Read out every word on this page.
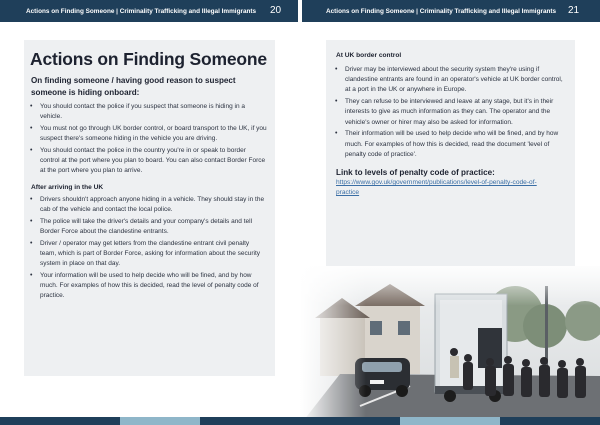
Actions on Finding Someone | Criminality Trafficking and Illegal Immigrants 20	Actions on Finding Someone | Criminality Trafficking and Illegal Immigrants 21
Actions on Finding Someone

On finding someone / having good reason to suspect someone is hiding onboard:

• You should contact the police if you suspect that someone is hiding in a vehicle.
• You must not go through UK border control, or board transport to the UK, if you suspect there's someone hiding in the vehicle you are driving.
• You should contact the police in the country you're in or speak to border control at the port where you plan to board. You can also contact Border Force at the port where you plan to arrive.
After arriving in the UK
• Drivers shouldn't approach anyone hiding in a vehicle. They should stay in the cab of the vehicle and contact the local police.
• The police will take the driver's details and your company's details and tell Border Force about the clandestine entrants.
• Driver / operator may get letters from the clandestine entrant civil penalty team, which is part of Border Force, asking for information about the security system in place on that day.
• Your information will be used to help decide who will be fined, and by how much. For examples of how this is decided, read the level of penalty code of practice.
At UK border control
• Driver may be interviewed about the security system they're using if clandestine entrants are found in an operator's vehicle at UK border control, at a port in the UK or anywhere in Europe.
• They can refuse to be interviewed and leave at any stage, but it's in their interests to give as much information as they can. The operator and the vehicle's owner or hirer may also be asked for information.
• Their information will be used to help decide who will be fined, and by how much. For examples of how this is decided, read the document 'level of penalty code of practice'.

Link to levels of penalty code of practice:

https://www.gov.uk/government/publications/level-of-penalty-code-of-practice
